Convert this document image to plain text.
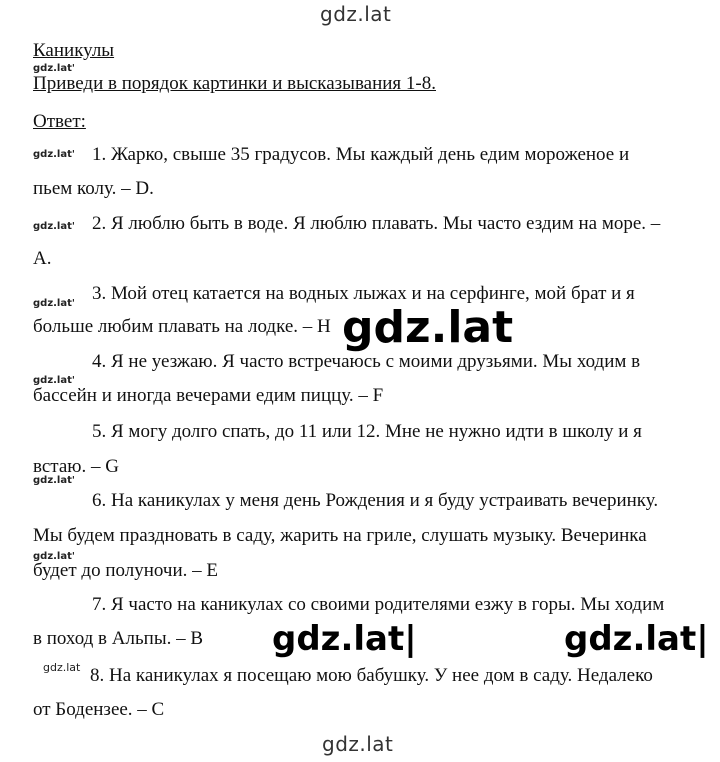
gdz.lat
Каникулы
gdz.lat'
Приведи в порядок картинки и высказывания 1-8.
Ответ:
gdz.lat' 1. Жарко, свыше 35 градусов. Мы каждый день едим мороженое и
пьем колу. – D.
gdz.lat' 2. Я люблю быть в воде. Я люблю плавать. Мы часто ездим на море. –
A.
gdz.lat' 3. Мой отец катается на водных лыжах и на серфинге, мой брат и я
больше любим плавать на лодке. – H
4. Я не уезжаю. Я часто встречаюсь с моими друзьями. Мы ходим в
gdz.lat'
бассейн и иногда вечерами едим пиццу. – F
5. Я могу долго спать, до 11 или 12. Мне не нужно идти в школу и я
встаю. – G
gdz.lat'
6. На каникулах у меня день Рождения и я буду устраивать вечеринку.
Мы будем праздновать в саду, жарить на гриле, слушать музыку. Вечеринка
gdz.lat'
будет до полуночи. – E
7. Я часто на каникулах со своими родителями езжу в горы. Мы ходим
в поход в Альпы. – B
gdz.lat 8. На каникулах я посещаю мою бабушку. У нее дом в саду. Недалеко
от Бодензее. – C
gdz.lat
gdz.lat|	gdz.lat|
gdz.lat
